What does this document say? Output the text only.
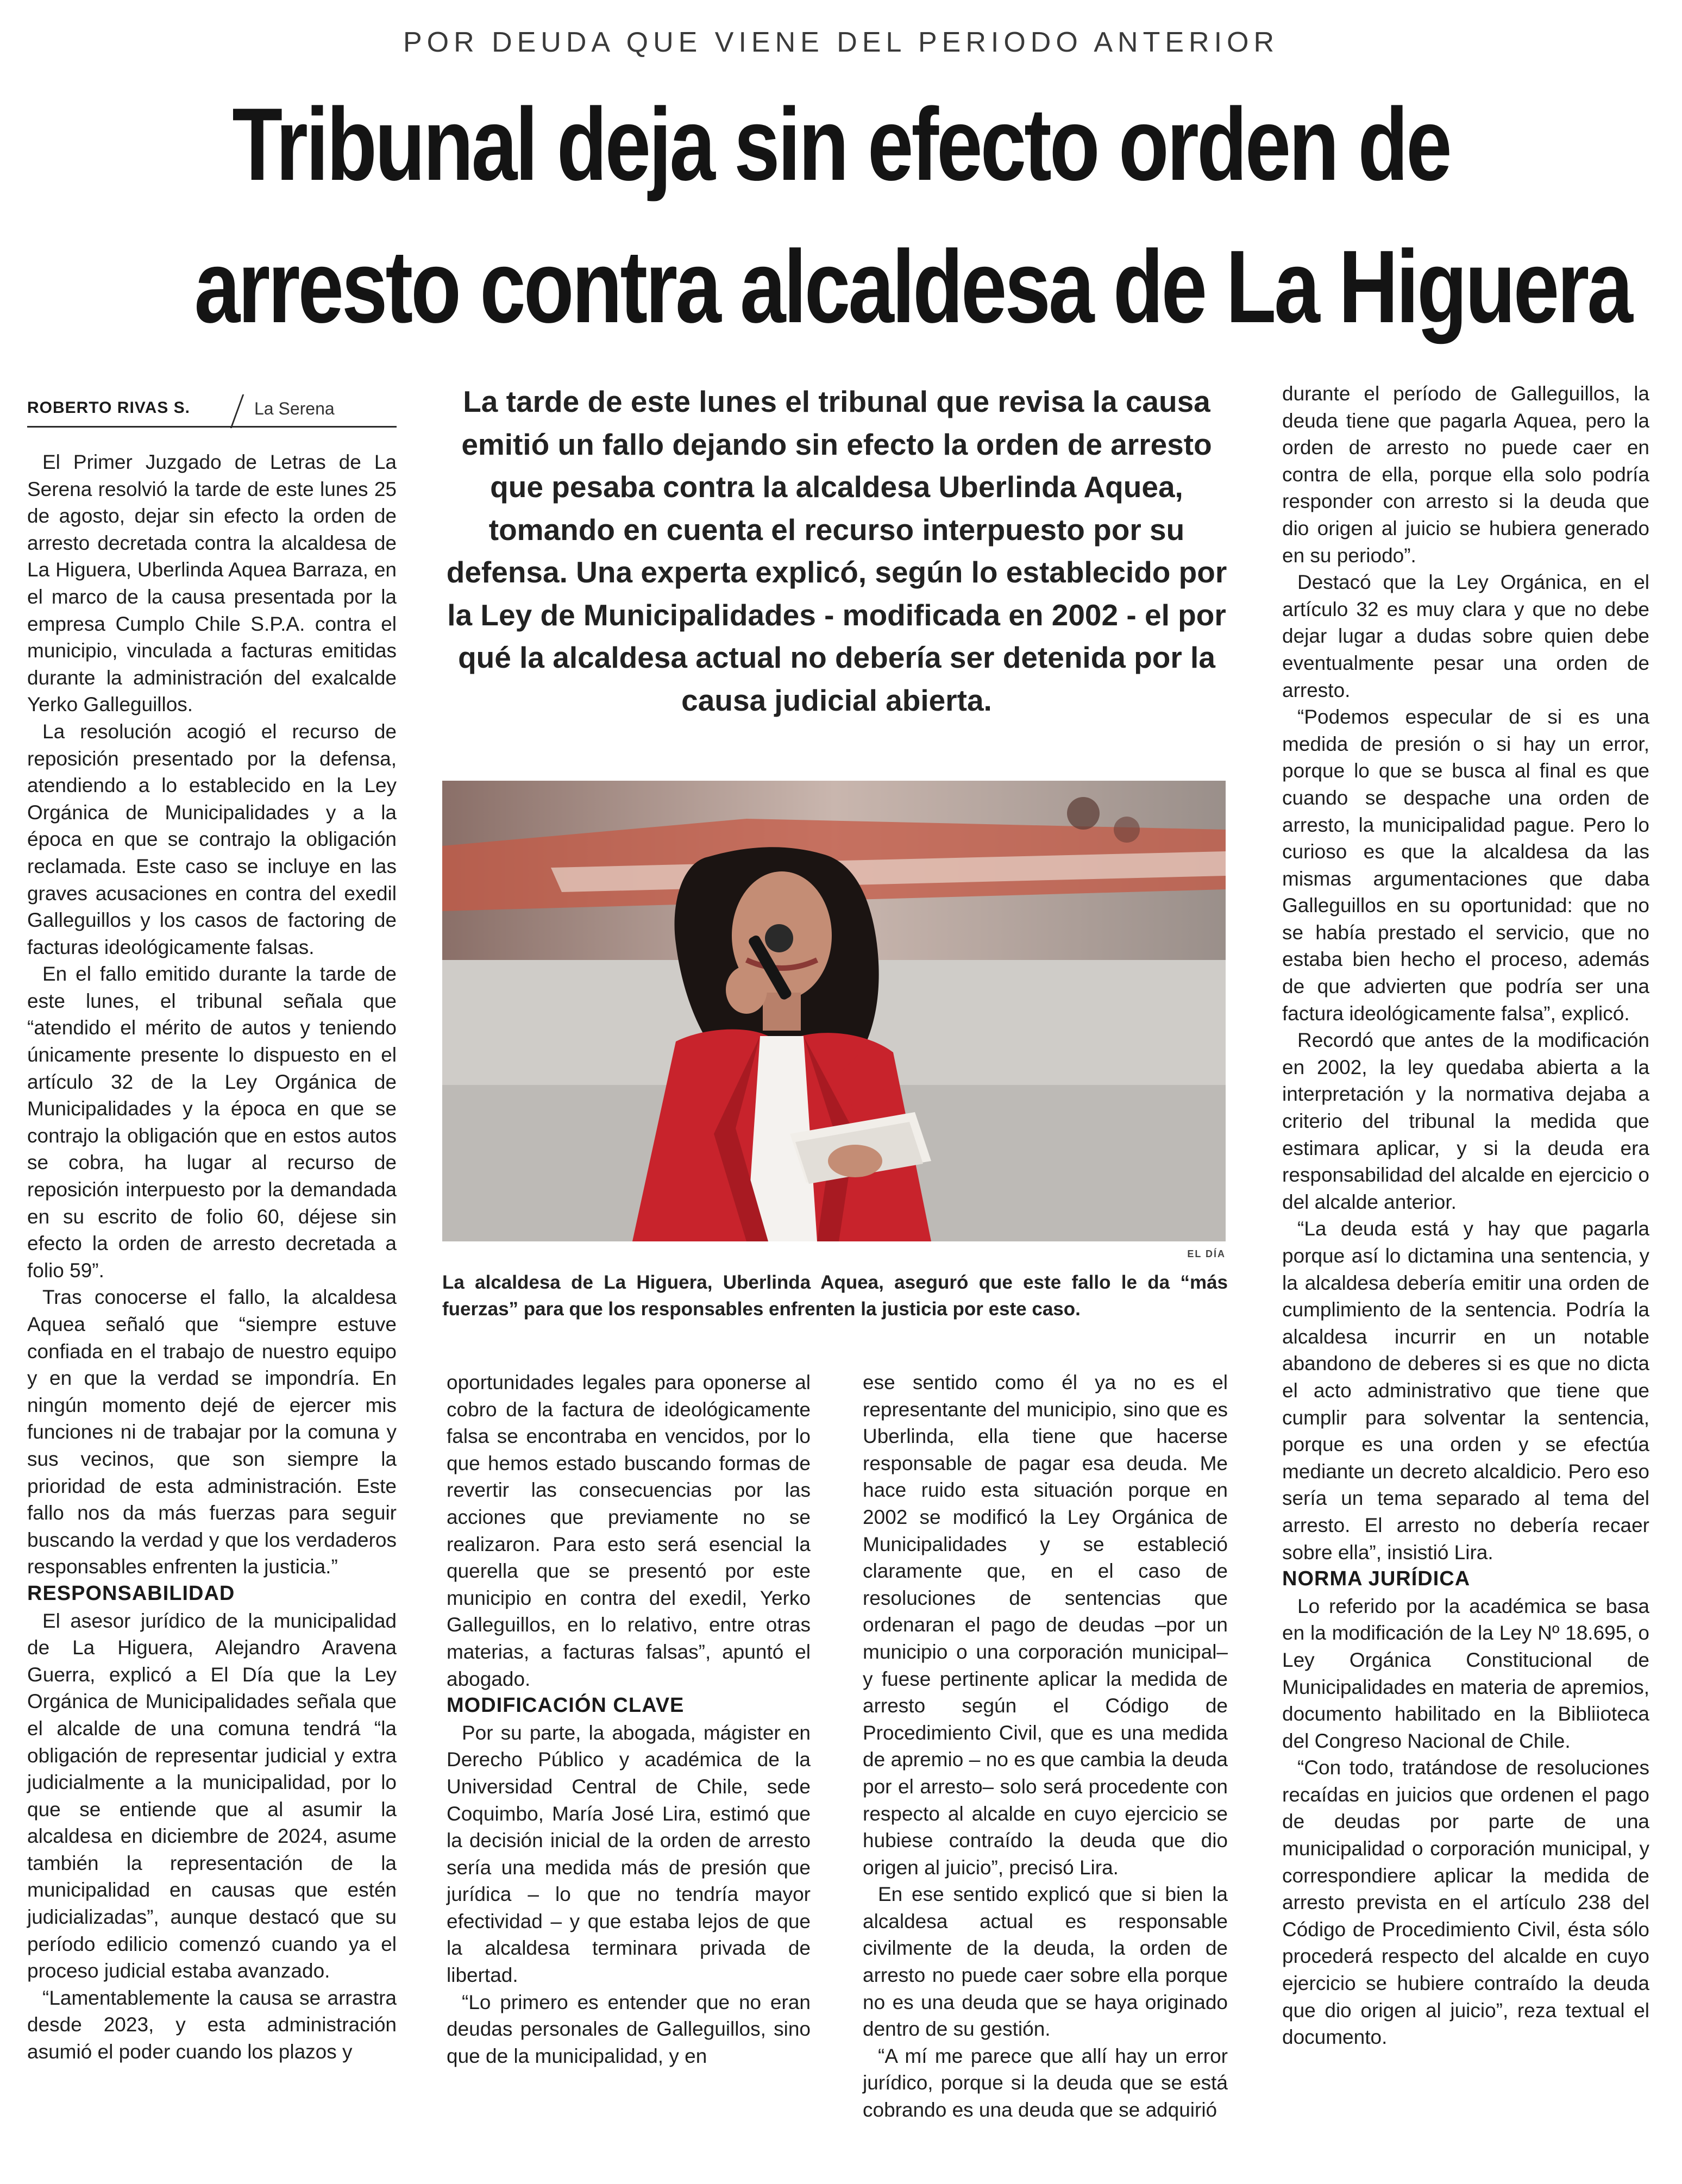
POR DEUDA QUE VIENE DEL PERIODO ANTERIOR
Tribunal deja sin efecto orden de
arresto contra alcaldesa de La Higuera
ROBERTO RIVAS S.	La Serena

El Primer Juzgado de Letras de La Serena resolvió la tarde de este lunes 25 de agosto, dejar sin efecto la orden de arresto decretada contra la alcaldesa de La Higuera, Uberlinda Aquea Barraza, en el marco de la causa presentada por la empresa Cumplo Chile S.P.A. contra el municipio, vinculada a facturas emitidas durante la administración del exalcalde Yerko Galleguillos.

La resolución acogió el recurso de reposición presentado por la defensa, atendiendo a lo establecido en la Ley Orgánica de Municipalidades y a la época en que se contrajo la obligación reclamada. Este caso se incluye en las graves acusaciones en contra del exedil Galleguillos y los casos de factoring de facturas ideológicamente falsas.

En el fallo emitido durante la tarde de este lunes, el tribunal señala que “atendido el mérito de autos y teniendo únicamente presente lo dispuesto en el artículo 32 de la Ley Orgánica de Municipalidades y la época en que se contrajo la obligación que en estos autos se cobra, ha lugar al recurso de reposición interpuesto por la demandada en su escrito de folio 60, déjese sin efecto la orden de arresto decretada a folio 59”.

Tras conocerse el fallo, la alcaldesa Aquea señaló que “siempre estuve confiada en el trabajo de nuestro equipo y en que la verdad se impondría. En ningún momento dejé de ejercer mis funciones ni de trabajar por la comuna y sus vecinos, que son siempre la prioridad de esta administración. Este fallo nos da más fuerzas para seguir buscando la verdad y que los verdaderos responsables enfrenten la justicia.”

RESPONSABILIDAD

El asesor jurídico de la municipalidad de La Higuera, Alejandro Aravena Guerra, explicó a El Día que la Ley Orgánica de Municipalidades señala que el alcalde de una comuna tendrá “la obligación de representar judicial y extra judicialmente a la municipalidad, por lo que se entiende que al asumir la alcaldesa en diciembre de 2024, asume también la representación de la municipalidad en causas que estén judicializadas”, aunque destacó que su período edilicio comenzó cuando ya el proceso judicial estaba avanzado.

“Lamentablemente la causa se arrastra desde 2023, y esta administración asumió el poder cuando los plazos y

La tarde de este lunes el tribunal que revisa la causa emitió un fallo dejando sin efecto la orden de arresto que pesaba contra la alcaldesa Uberlinda Aquea, tomando en cuenta el recurso interpuesto por su defensa. Una experta explicó, según lo establecido por la Ley de Municipalidades - modificada en 2002 - el por qué la alcaldesa actual no debería ser detenida por la causa judicial abierta.
EL DÍA
La alcaldesa de La Higuera, Uberlinda Aquea, aseguró que este fallo le da “más fuerzas” para que los responsables enfrenten la justicia por este caso.

oportunidades legales para oponerse al cobro de la factura de ideológicamente falsa se encontraba en vencidos, por lo que hemos estado buscando formas de revertir las consecuencias por las acciones que previamente no se realizaron. Para esto será esencial la querella que se presentó por este municipio en contra del exedil, Yerko Galleguillos, en lo relativo, entre otras materias, a facturas falsas”, apuntó el abogado.

MODIFICACIÓN CLAVE

Por su parte, la abogada, mágister en Derecho Público y académica de la Universidad Central de Chile, sede Coquimbo, María José Lira, estimó que la decisión inicial de la orden de arresto sería una medida más de presión que jurídica – lo que no tendría mayor efectividad – y que estaba lejos de que la alcaldesa terminara privada de libertad.

“Lo primero es entender que no eran deudas personales de Galleguillos, sino que de la municipalidad, y en

ese sentido como él ya no es el representante del municipio, sino que es Uberlinda, ella tiene que hacerse responsable de pagar esa deuda. Me hace ruido esta situación porque en 2002 se modificó la Ley Orgánica de Municipalidades y se estableció claramente que, en el caso de resoluciones de sentencias que ordenaran el pago de deudas –por un municipio o una corporación municipal– y fuese pertinente aplicar la medida de arresto según el Código de Procedimiento Civil, que es una medida de apremio – no es que cambia la deuda por el arresto– solo será procedente con respecto al alcalde en cuyo ejercicio se hubiese contraído la deuda que dio origen al juicio”, precisó Lira.

En ese sentido explicó que si bien la alcaldesa actual es responsable civilmente de la deuda, la orden de arresto no puede caer sobre ella porque no es una deuda que se haya originado dentro de su gestión.

“A mí me parece que allí hay un error jurídico, porque si la deuda que se está cobrando es una deuda que se adquirió

durante el período de Galleguillos, la deuda tiene que pagarla Aquea, pero la orden de arresto no puede caer en contra de ella, porque ella solo podría responder con arresto si la deuda que dio origen al juicio se hubiera generado en su periodo”.

Destacó que la Ley Orgánica, en el artículo 32 es muy clara y que no debe dejar lugar a dudas sobre quien debe eventualmente pesar una orden de arresto.

“Podemos especular de si es una medida de presión o si hay un error, porque lo que se busca al final es que cuando se despache una orden de arresto, la municipalidad pague. Pero lo curioso es que la alcaldesa da las mismas argumentaciones que daba Galleguillos en su oportunidad: que no se había prestado el servicio, que no estaba bien hecho el proceso, además de que advierten que podría ser una factura ideológicamente falsa”, explicó.

Recordó que antes de la modificación en 2002, la ley quedaba abierta a la interpretación y la normativa dejaba a criterio del tribunal la medida que estimara aplicar, y si la deuda era responsabilidad del alcalde en ejercicio o del alcalde anterior.

“La deuda está y hay que pagarla porque así lo dictamina una sentencia, y la alcaldesa debería emitir una orden de cumplimiento de la sentencia. Podría la alcaldesa incurrir en un notable abandono de deberes si es que no dicta el acto administrativo que tiene que cumplir para solventar la sentencia, porque es una orden y se efectúa mediante un decreto alcaldicio. Pero eso sería un tema separado al tema del arresto. El arresto no debería recaer sobre ella”, insistió Lira.

NORMA JURÍDICA

Lo referido por la académica se basa en la modificación de la Ley Nº 18.695, o Ley Orgánica Constitucional de Municipalidades en materia de apremios, documento habilitado en la Bibliioteca del Congreso Nacional de Chile.

“Con todo, tratándose de resoluciones recaídas en juicios que ordenen el pago de deudas por parte de una municipalidad o corporación municipal, y correspondiere aplicar la medida de arresto prevista en el artículo 238 del Código de Procedimiento Civil, ésta sólo procederá respecto del alcalde en cuyo ejercicio se hubiere contraído la deuda que dio origen al juicio”, reza textual el documento.
